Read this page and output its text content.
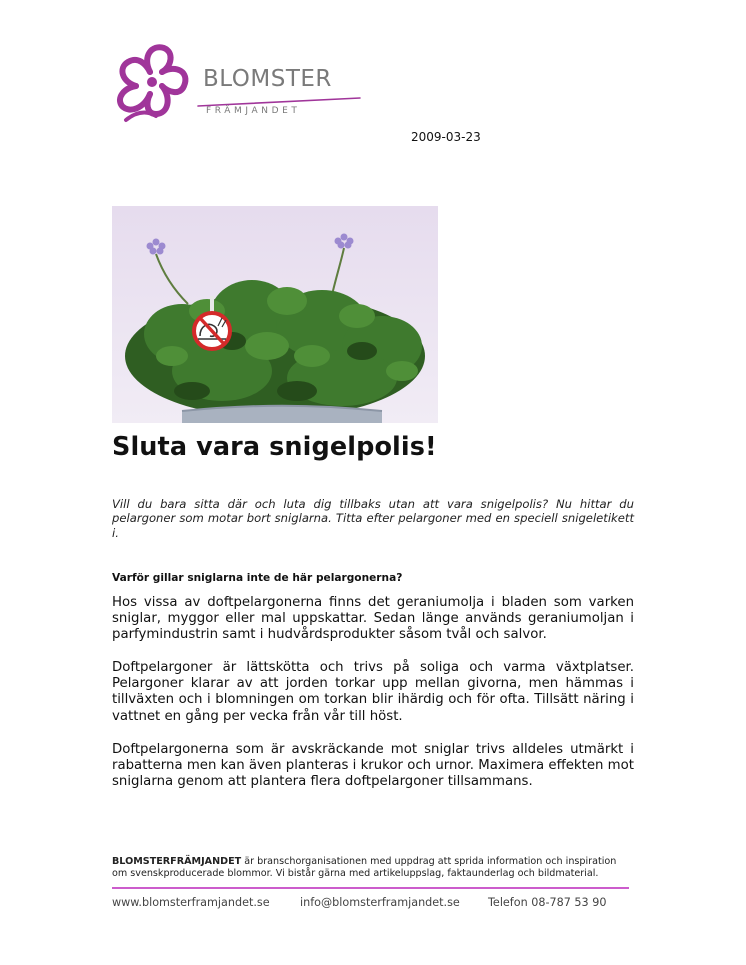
BLOMSTER
FRÄMJANDET
2009-03-23
Sluta vara snigelpolis!

Vill du bara sitta där och luta dig tillbaks utan att vara snigelpolis? Nu hittar du pelargoner som motar bort sniglarna. Titta efter pelargoner med en speciell snigeletikett i.

Varför gillar sniglarna inte de här pelargonerna?

Hos vissa av doftpelargonerna finns det geraniumolja i bladen som varken sniglar, myggor eller mal uppskattar. Sedan länge används geraniumoljan i parfymindustrin samt i hudvårdsprodukter såsom tvål och salvor.

Doftpelargoner är lättskötta och trivs på soliga och varma växtplatser. Pelargoner klarar av att jorden torkar upp mellan givorna, men hämmas i tillväxten och i blomningen om torkan blir ihärdig och för ofta. Tillsätt näring i vattnet en gång per vecka från vår till höst.

Doftpelargonerna som är avskräckande mot sniglar trivs alldeles utmärkt i rabatterna men kan även planteras i krukor och urnor. Maximera effekten mot sniglarna genom att plantera flera doftpelargoner tillsammans.

BLOMSTERFRÄMJANDET är branschorganisationen med uppdrag att sprida information och inspiration om svenskproducerade blommor. Vi bistår gärna med artikeluppslag, faktaunderlag och bildmaterial.

www.blomsterframjandet.se	info@blomsterframjandet.se	Telefon 08-787 53 90
